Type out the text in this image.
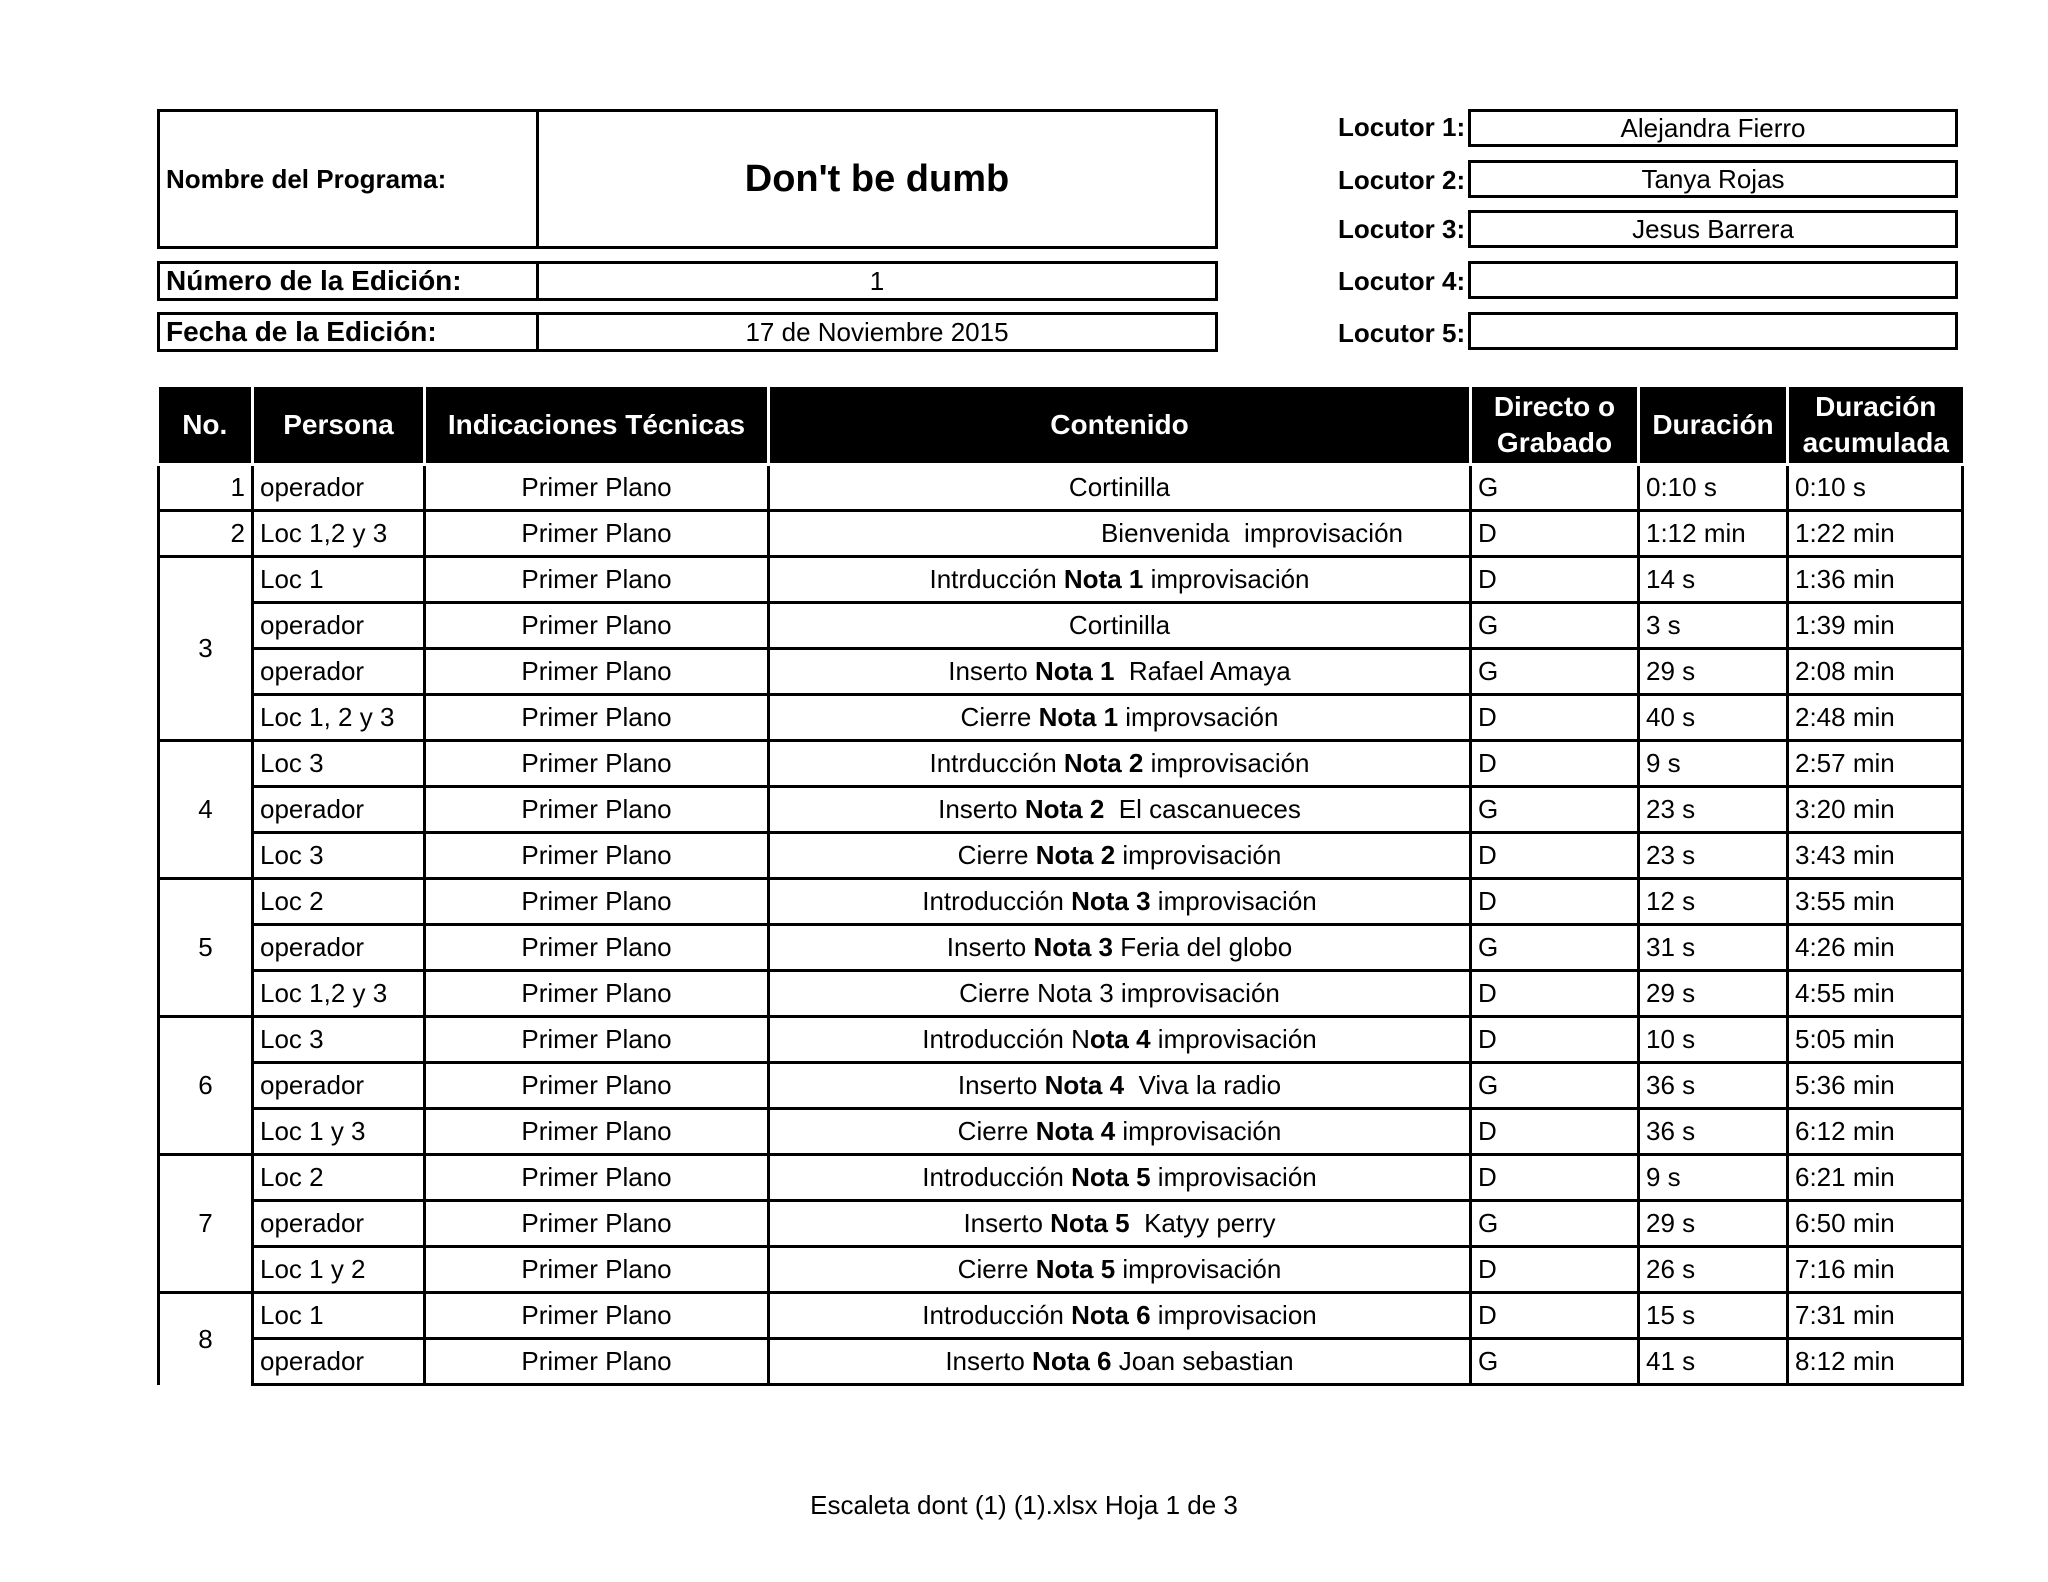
Nombre del Programa:	Don't be dumb
Número de la Edición:	1
Fecha de la Edición:	17 de Noviembre 2015
Locutor 1:	Alejandra Fierro
Locutor 2:	Tanya Rojas
Locutor 3:	Jesus Barrera
Locutor 4:
Locutor 5:
No.	Persona	Indicaciones Técnicas	Contenido	Directo o Grabado	Duración	Duración acumulada
1	operador	Primer Plano	Cortinilla	G	0:10 s	0:10 s
2	Loc 1,2 y 3	Primer Plano	Bienvenida  improvisación	D	1:12 min	1:22 min
3	Loc 1	Primer Plano	Intrducción Nota 1 improvisación	D	14 s	1:36 min
	operador	Primer Plano	Cortinilla	G	3 s	1:39 min
	operador	Primer Plano	Inserto Nota 1  Rafael Amaya	G	29 s	2:08 min
	Loc 1, 2 y 3	Primer Plano	Cierre Nota 1 improvsación	D	40 s	2:48 min
4	Loc 3	Primer Plano	Intrducción Nota 2 improvisación	D	9 s	2:57 min
	operador	Primer Plano	Inserto Nota 2  El cascanueces	G	23 s	3:20 min
	Loc 3	Primer Plano	Cierre Nota 2 improvisación	D	23 s	3:43 min
5	Loc 2	Primer Plano	Introducción Nota 3 improvisación	D	12 s	3:55 min
	operador	Primer Plano	Inserto Nota 3 Feria del globo	G	31 s	4:26 min
	Loc 1,2 y 3	Primer Plano	Cierre Nota 3 improvisación	D	29 s	4:55 min
6	Loc 3	Primer Plano	Introducción Nota 4 improvisación	D	10 s	5:05 min
	operador	Primer Plano	Inserto Nota 4  Viva la radio	G	36 s	5:36 min
	Loc 1 y 3	Primer Plano	Cierre Nota 4 improvisación	D	36 s	6:12 min
7	Loc 2	Primer Plano	Introducción Nota 5 improvisación	D	9 s	6:21 min
	operador	Primer Plano	Inserto Nota 5  Katyy perry	G	29 s	6:50 min
	Loc 1 y 2	Primer Plano	Cierre Nota 5 improvisación	D	26 s	7:16 min
8	Loc 1	Primer Plano	Introducción Nota 6 improvisacion	D	15 s	7:31 min
	operador	Primer Plano	Inserto Nota 6 Joan sebastian	G	41 s	8:12 min
Escaleta dont (1) (1).xlsx Hoja 1 de 3
